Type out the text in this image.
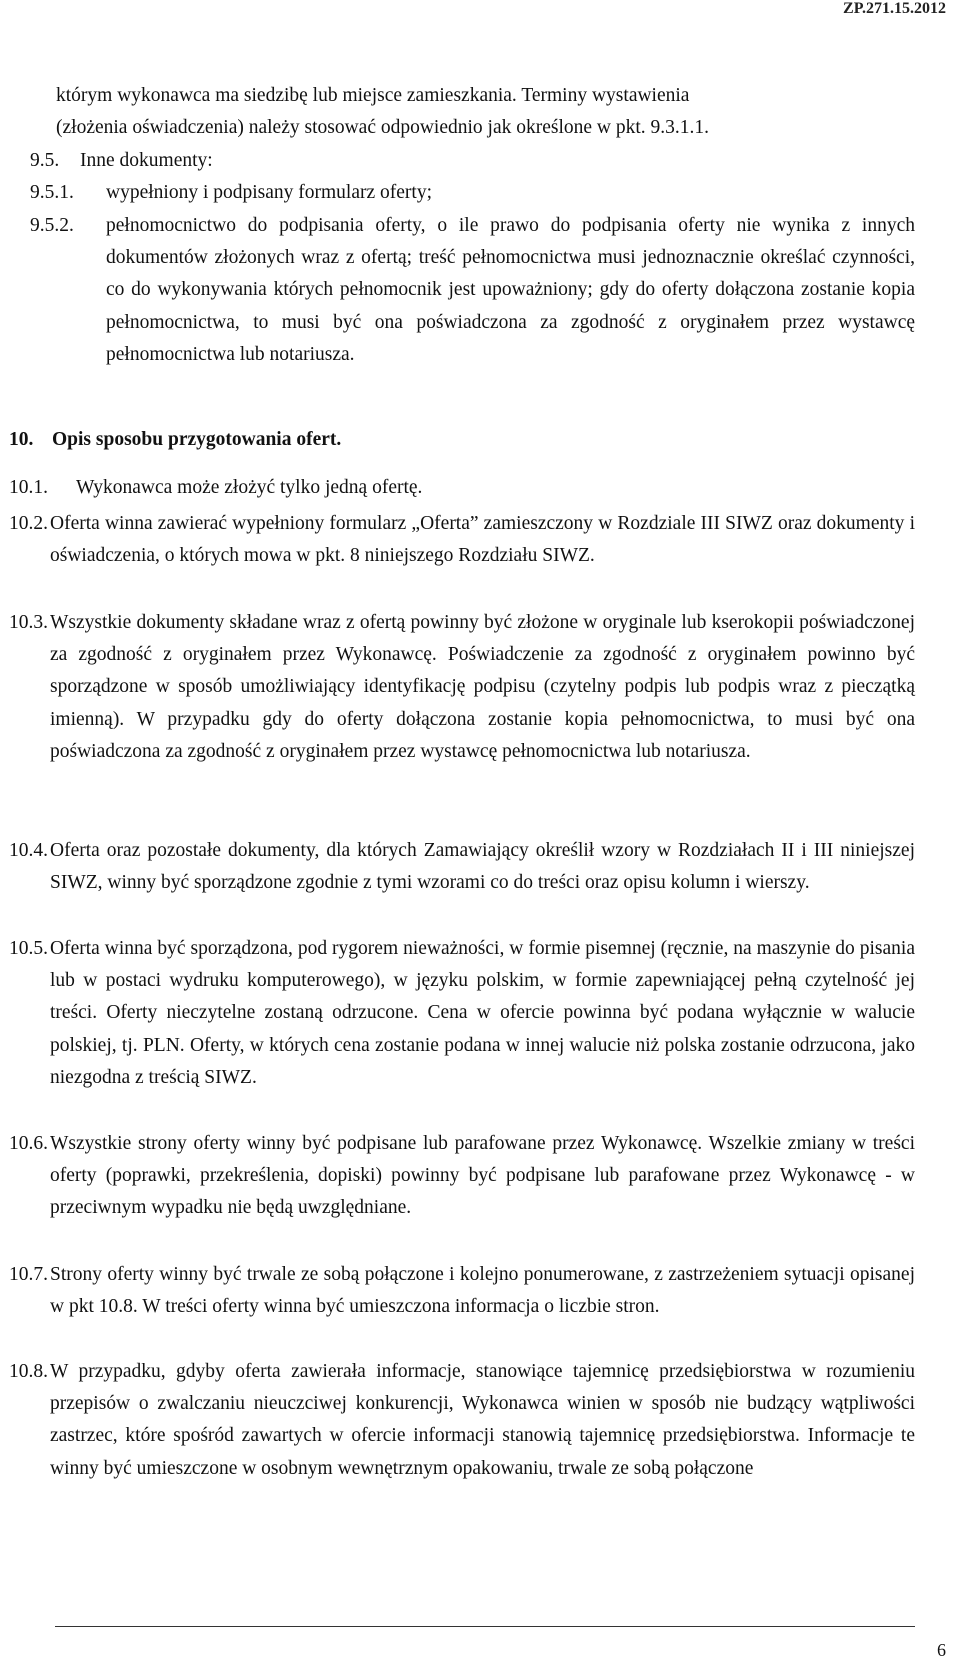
ZP.271.15.2012
którym wykonawca ma siedzibę lub miejsce zamieszkania. Terminy wystawienia
(złożenia oświadczenia) należy stosować odpowiednio jak określone w pkt. 9.3.1.1.
9.5. Inne dokumenty:
9.5.1. wypełniony i podpisany formularz oferty;
9.5.2. pełnomocnictwo do podpisania oferty, o ile prawo do podpisania oferty nie wynika z innych dokumentów złożonych wraz z ofertą; treść pełnomocnictwa musi jednoznacznie określać czynności, co do wykonywania których pełnomocnik jest upoważniony; gdy do oferty dołączona zostanie kopia pełnomocnictwa, to musi być ona poświadczona za zgodność z oryginałem przez wystawcę pełnomocnictwa lub notariusza.
10. Opis sposobu przygotowania ofert.
10.1. Wykonawca może złożyć tylko jedną ofertę.
10.2. Oferta winna zawierać wypełniony formularz „Oferta” zamieszczony w Rozdziale III SIWZ oraz dokumenty i oświadczenia, o których mowa w pkt. 8 niniejszego Rozdziału SIWZ.
10.3. Wszystkie dokumenty składane wraz z ofertą powinny być złożone w oryginale lub kserokopii poświadczonej za zgodność z oryginałem przez Wykonawcę. Poświadczenie za zgodność z oryginałem powinno być sporządzone w sposób umożliwiający identyfikację podpisu (czytelny podpis lub podpis wraz z pieczątką imienną). W przypadku gdy do oferty dołączona zostanie kopia pełnomocnictwa, to musi być ona poświadczona za zgodność z oryginałem przez wystawcę pełnomocnictwa lub notariusza.
10.4. Oferta oraz pozostałe dokumenty, dla których Zamawiający określił wzory w Rozdziałach II i III niniejszej SIWZ, winny być sporządzone zgodnie z tymi wzorami co do treści oraz opisu kolumn i wierszy.
10.5. Oferta winna być sporządzona, pod rygorem nieważności, w formie pisemnej (ręcznie, na maszynie do pisania lub w postaci wydruku komputerowego), w języku polskim, w formie zapewniającej pełną czytelność jej treści. Oferty nieczytelne zostaną odrzucone. Cena w ofercie powinna być podana wyłącznie w walucie polskiej, tj. PLN. Oferty, w których cena zostanie podana w innej walucie niż polska zostanie odrzucona, jako niezgodna z treścią SIWZ.
10.6. Wszystkie strony oferty winny być podpisane lub parafowane przez Wykonawcę. Wszelkie zmiany w treści oferty (poprawki, przekreślenia, dopiski) powinny być podpisane lub parafowane przez Wykonawcę - w przeciwnym wypadku nie będą uwzględniane.
10.7. Strony oferty winny być trwale ze sobą połączone i kolejno ponumerowane, z zastrzeżeniem sytuacji opisanej w pkt 10.8. W treści oferty winna być umieszczona informacja o liczbie stron.
10.8. W przypadku, gdyby oferta zawierała informacje, stanowiące tajemnicę przedsiębiorstwa w rozumieniu przepisów o zwalczaniu nieuczciwej konkurencji, Wykonawca winien w sposób nie budzący wątpliwości zastrzec, które spośród zawartych w ofercie informacji stanowią tajemnicę przedsiębiorstwa. Informacje te winny być umieszczone w osobnym wewnętrznym opakowaniu, trwale ze sobą połączone
6
